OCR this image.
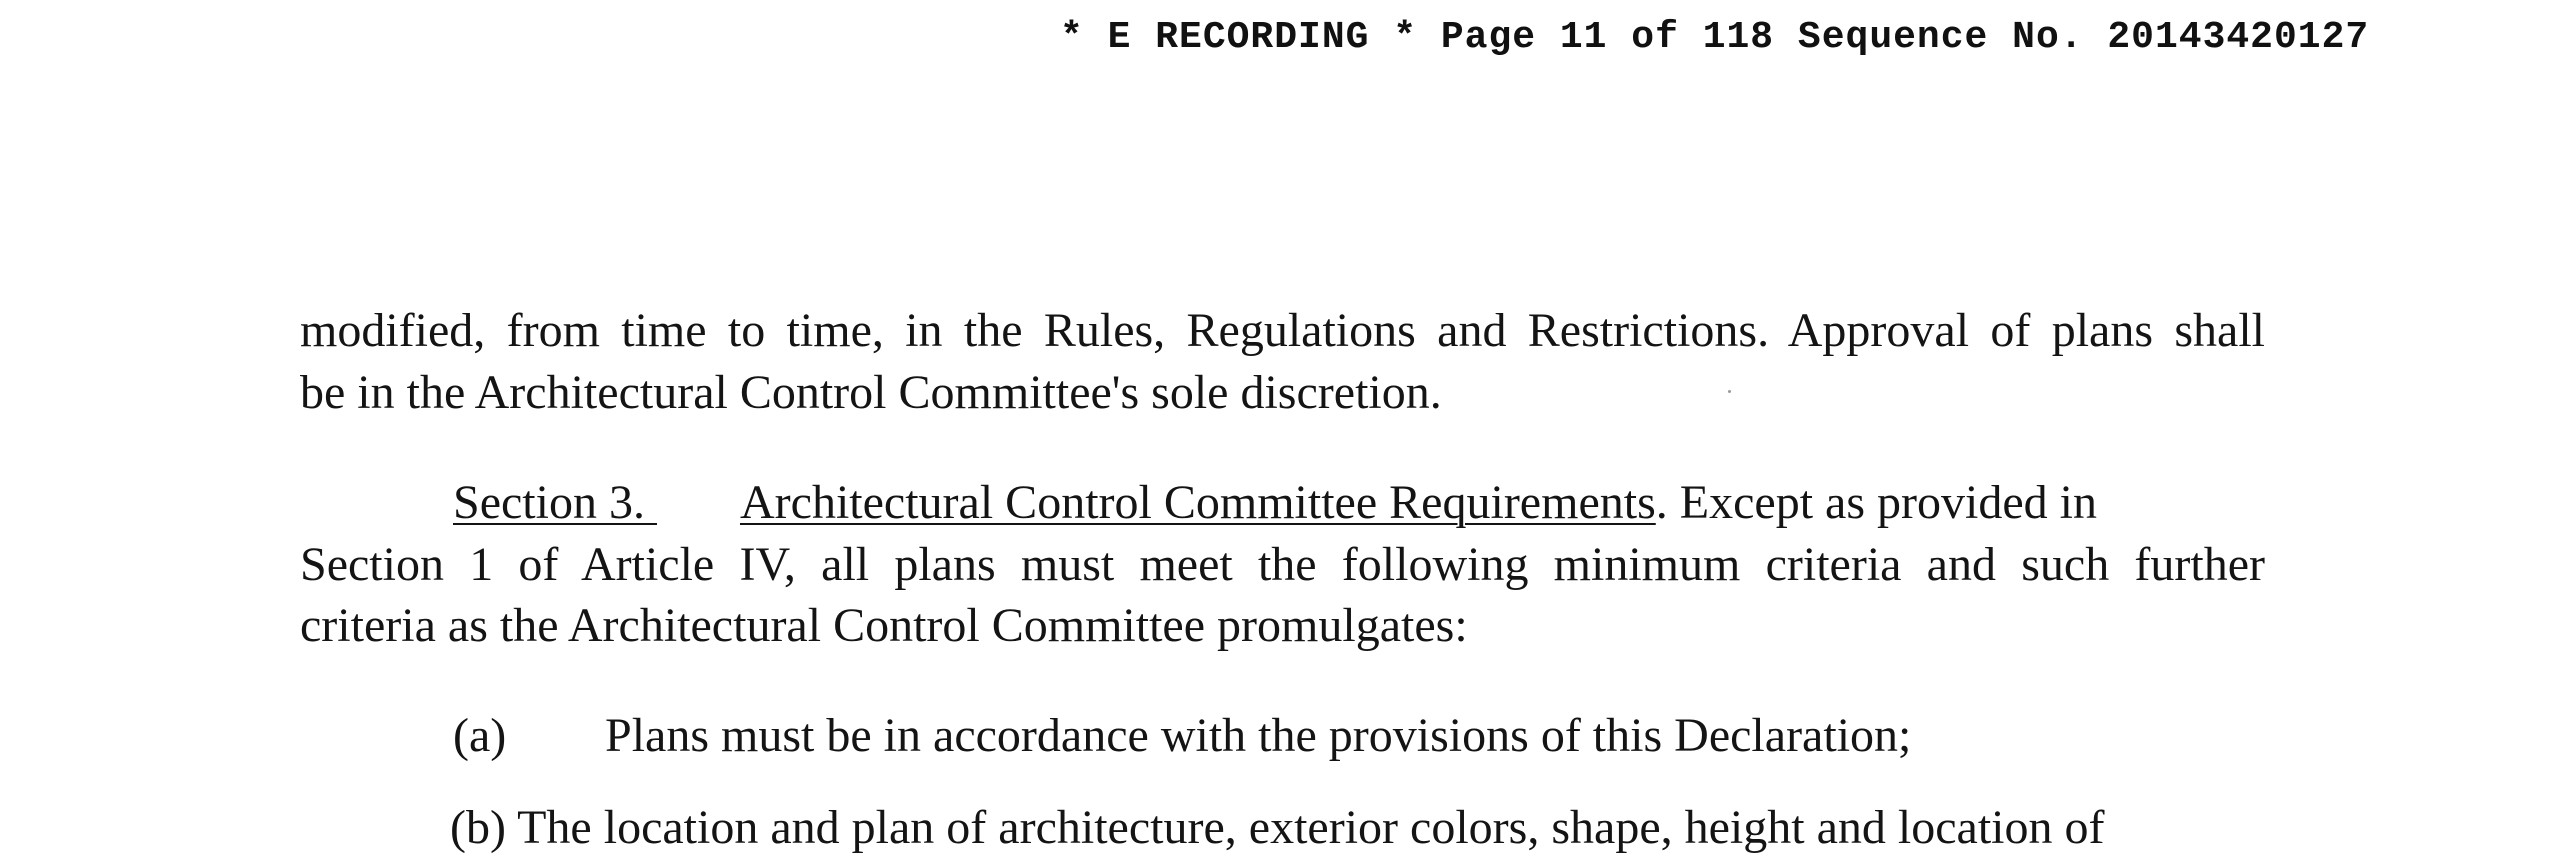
* E RECORDING * Page 11 of 118 Sequence No. 20143420127
modified, from time to time, in the Rules, Regulations and Restrictions. Approval of plans shall
be in the Architectural Control Committee's sole discretion.
Section 3. Architectural Control Committee Requirements. Except as provided in
Section 1 of Article IV, all plans must meet the following minimum criteria and such further
criteria as the Architectural Control Committee promulgates:
(a) Plans must be in accordance with the provisions of this Declaration;
(b) The location and plan of architecture, exterior colors, shape, height and location of
